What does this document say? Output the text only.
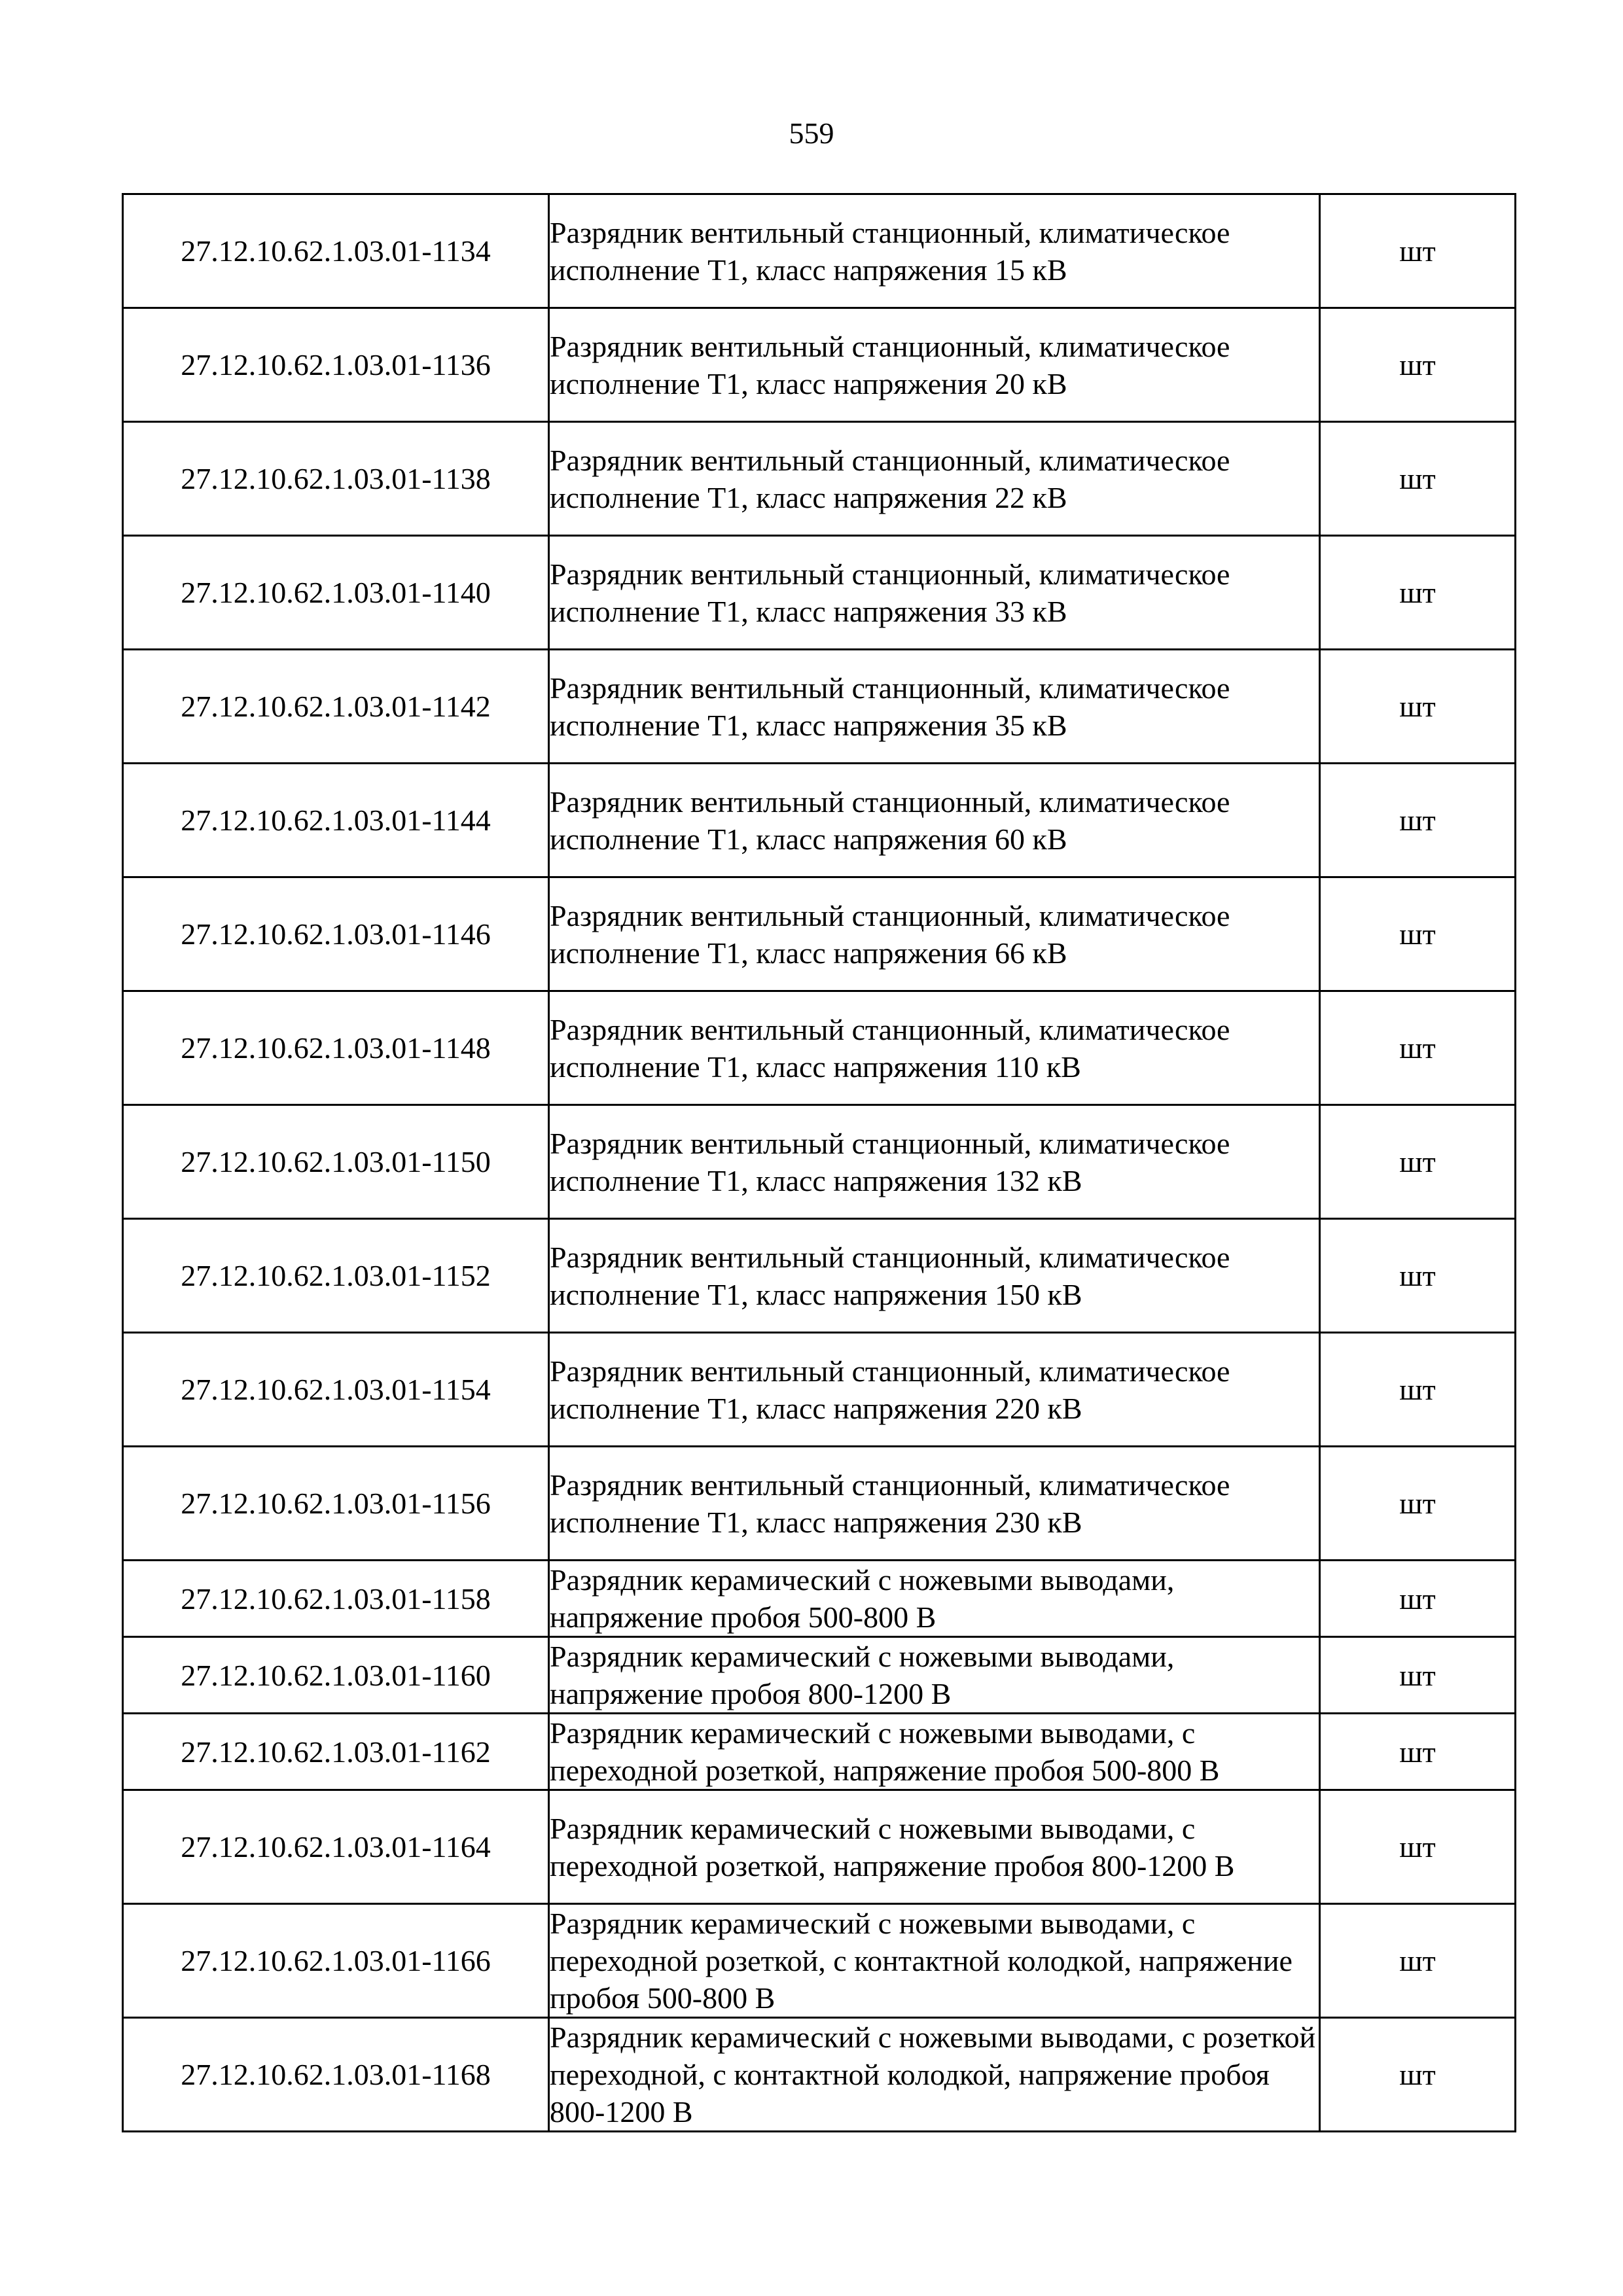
559
27.12.10.62.1.03.01-1134	Разрядник вентильный станционный, климатическое исполнение Т1, класс напряжения 15 кВ	шт
27.12.10.62.1.03.01-1136	Разрядник вентильный станционный, климатическое исполнение Т1, класс напряжения 20 кВ	шт
27.12.10.62.1.03.01-1138	Разрядник вентильный станционный, климатическое исполнение Т1, класс напряжения 22 кВ	шт
27.12.10.62.1.03.01-1140	Разрядник вентильный станционный, климатическое исполнение Т1, класс напряжения 33 кВ	шт
27.12.10.62.1.03.01-1142	Разрядник вентильный станционный, климатическое исполнение Т1, класс напряжения 35 кВ	шт
27.12.10.62.1.03.01-1144	Разрядник вентильный станционный, климатическое исполнение Т1, класс напряжения 60 кВ	шт
27.12.10.62.1.03.01-1146	Разрядник вентильный станционный, климатическое исполнение Т1, класс напряжения 66 кВ	шт
27.12.10.62.1.03.01-1148	Разрядник вентильный станционный, климатическое исполнение Т1, класс напряжения 110 кВ	шт
27.12.10.62.1.03.01-1150	Разрядник вентильный станционный, климатическое исполнение Т1, класс напряжения 132 кВ	шт
27.12.10.62.1.03.01-1152	Разрядник вентильный станционный, климатическое исполнение Т1, класс напряжения 150 кВ	шт
27.12.10.62.1.03.01-1154	Разрядник вентильный станционный, климатическое исполнение Т1, класс напряжения 220 кВ	шт
27.12.10.62.1.03.01-1156	Разрядник вентильный станционный, климатическое исполнение Т1, класс напряжения 230 кВ	шт
27.12.10.62.1.03.01-1158	Разрядник керамический с ножевыми выводами, напряжение пробоя 500-800 В	шт
27.12.10.62.1.03.01-1160	Разрядник керамический с ножевыми выводами, напряжение пробоя 800-1200 В	шт
27.12.10.62.1.03.01-1162	Разрядник керамический с ножевыми выводами, с переходной розеткой, напряжение пробоя 500-800 В	шт
27.12.10.62.1.03.01-1164	Разрядник керамический с ножевыми выводами, с переходной розеткой, напряжение пробоя 800-1200 В	шт
27.12.10.62.1.03.01-1166	Разрядник керамический с ножевыми выводами, с переходной розеткой, с контактной колодкой, напряжение пробоя 500-800 В	шт
27.12.10.62.1.03.01-1168	Разрядник керамический с ножевыми выводами, с розеткой переходной, с контактной колодкой, напряжение пробоя 800-1200 В	шт
